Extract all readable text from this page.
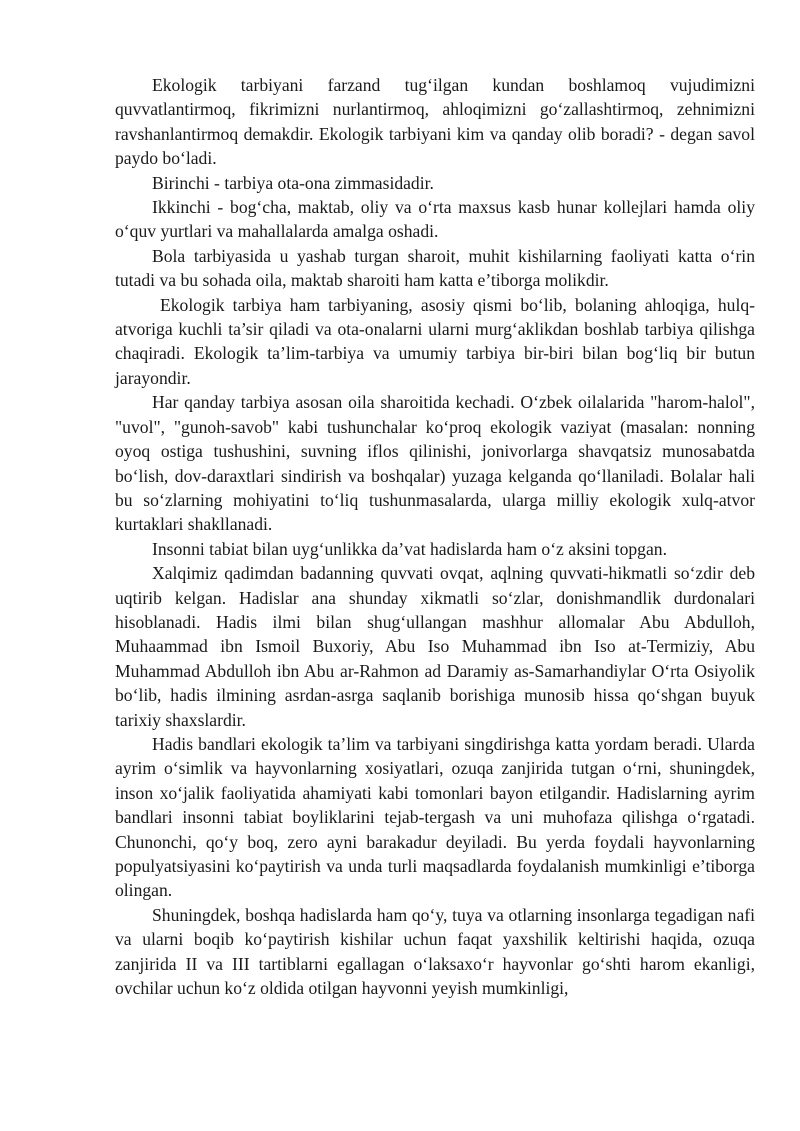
Ekologik tarbiyani farzand tug‘ilgan kundan boshlamoq vujudimizni quvvatlantirmoq, fikrimizni nurlantirmoq, ahloqimizni go‘zallashtirmoq, zehnimizni ravshanlantirmoq demakdir. Ekologik tarbiyani kim va qanday olib boradi? - degan savol paydo bo‘ladi.

Birinchi - tarbiya ota-ona zimmasidadir.

Ikkinchi - bog‘cha, maktab, oliy va o‘rta maxsus kasb hunar kollejlari hamda oliy o‘quv yurtlari va mahallalarda amalga oshadi.

Bola tarbiyasida u yashab turgan sharoit, muhit kishilarning faoliyati katta o‘rin tutadi va bu sohada oila, maktab sharoiti ham katta e’tiborga molikdir.

Ekologik tarbiya ham tarbiyaning, asosiy qismi bo‘lib, bolaning ahloqiga, hulq-atvoriga kuchli ta’sir qiladi va ota-onalarni ularni murg‘aklikdan boshlab tarbiya qilishga chaqiradi. Ekologik ta’lim-tarbiya va umumiy tarbiya bir-biri bilan bog‘liq bir butun jarayondir.

Har qanday tarbiya asosan oila sharoitida kechadi. O‘zbek oilalarida "harom-halol", "uvol", "gunoh-savob" kabi tushunchalar ko‘proq ekologik vaziyat (masalan: nonning oyoq ostiga tushushini, suvning iflos qilinishi, jonivorlarga shavqatsiz munosabatda bo‘lish, dov-daraxtlari sindirish va boshqalar) yuzaga kelganda qo‘llaniladi. Bolalar hali bu so‘zlarning mohiyatini to‘liq tushunmasalarda, ularga milliy ekologik xulq-atvor kurtaklari shakllanadi.

Insonni tabiat bilan uyg‘unlikka da’vat hadislarda ham o‘z aksini topgan.

Xalqimiz qadimdan badanning quvvati ovqat, aqlning quvvati-hikmatli so‘zdir deb uqtirib kelgan. Hadislar ana shunday xikmatli so‘zlar, donishmandlik durdonalari hisoblanadi. Hadis ilmi bilan shug‘ullangan mashhur allomalar Abu Abdulloh, Muhaammad ibn Ismoil Buxoriy, Abu Iso Muhammad ibn Iso at-Termiziy, Abu Muhammad Abdulloh ibn Abu ar-Rahmon ad Daramiy as-Samarhandiylar O‘rta Osiyolik bo‘lib, hadis ilmining asrdan-asrga saqlanib borishiga munosib hissa qo‘shgan buyuk tarixiy shaxslardir.

Hadis bandlari ekologik ta’lim va tarbiyani singdirishga katta yordam beradi. Ularda ayrim o‘simlik va hayvonlarning xosiyatlari, ozuqa zanjirida tutgan o‘rni, shuningdek, inson xo‘jalik faoliyatida ahamiyati kabi tomonlari bayon etilgandir. Hadislarning ayrim bandlari insonni tabiat boyliklarini tejab-tergash va uni muhofaza qilishga o‘rgatadi. Chunonchi, qo‘y boq, zero ayni barakadur deyiladi. Bu yerda foydali hayvonlarning populyatsiyasini ko‘paytirish va unda turli maqsadlarda foydalanish mumkinligi e’tiborga olingan.

Shuningdek, boshqa hadislarda ham qo‘y, tuya va otlarning insonlarga tegadigan nafi va ularni boqib ko‘paytirish kishilar uchun faqat yaxshilik keltirishi haqida, ozuqa zanjirida II va III tartiblarni egallagan o‘laksaxo‘r hayvonlar go‘shti harom ekanligi, ovchilar uchun ko‘z oldida otilgan hayvonni yeyish mumkinligi,
